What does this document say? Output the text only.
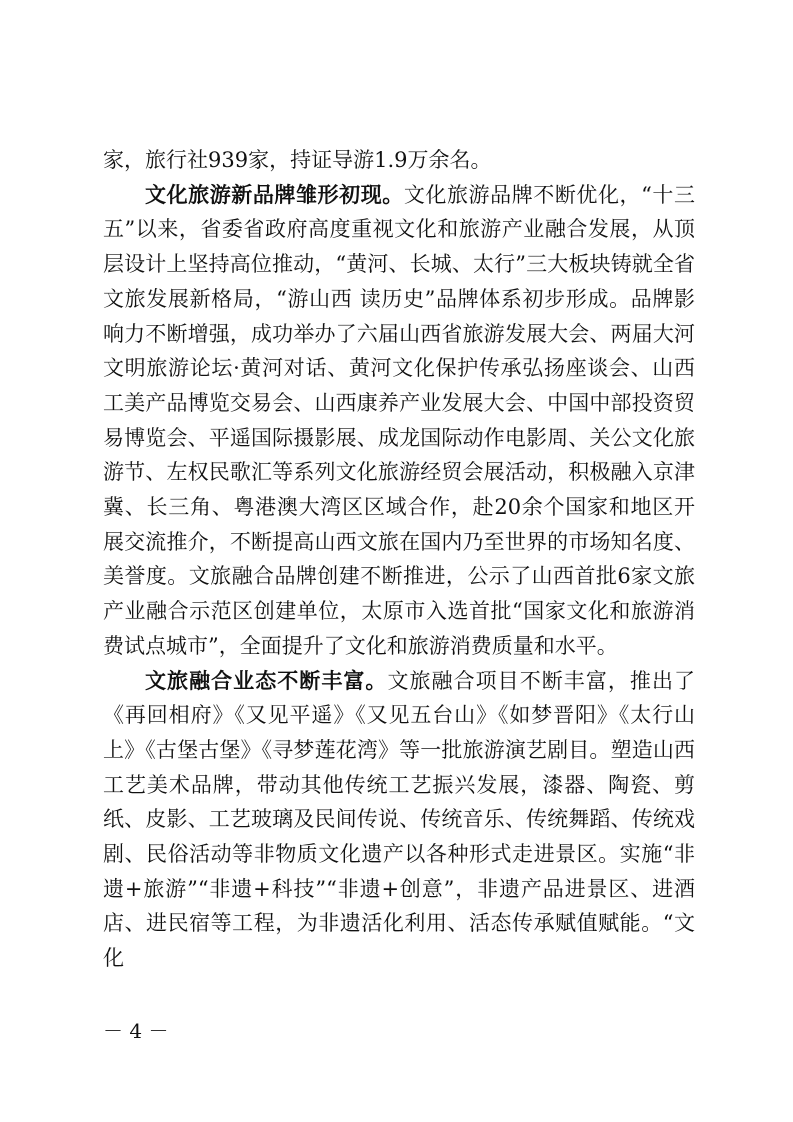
家，旅行社939家，持证导游1.9万余名。

文化旅游新品牌雏形初现。文化旅游品牌不断优化，“十三五”以来，省委省政府高度重视文化和旅游产业融合发展，从顶层设计上坚持高位推动，“黄河、长城、太行”三大板块铸就全省文旅发展新格局，“游山西 读历史”品牌体系初步形成。品牌影响力不断增强，成功举办了六届山西省旅游发展大会、两届大河文明旅游论坛·黄河对话、黄河文化保护传承弘扬座谈会、山西工美产品博览交易会、山西康养产业发展大会、中国中部投资贸易博览会、平遥国际摄影展、成龙国际动作电影周、关公文化旅游节、左权民歌汇等系列文化旅游经贸会展活动，积极融入京津冀、长三角、粤港澳大湾区区域合作，赴20余个国家和地区开展交流推介，不断提高山西文旅在国内乃至世界的市场知名度、美誉度。文旅融合品牌创建不断推进，公示了山西首批6家文旅产业融合示范区创建单位，太原市入选首批“国家文化和旅游消费试点城市”，全面提升了文化和旅游消费质量和水平。

文旅融合业态不断丰富。文旅融合项目不断丰富，推出了《再回相府》《又见平遥》《又见五台山》《如梦晋阳》《太行山上》《古堡古堡》《寻梦莲花湾》等一批旅游演艺剧目。塑造山西工艺美术品牌，带动其他传统工艺振兴发展，漆器、陶瓷、剪纸、皮影、工艺玻璃及民间传说、传统音乐、传统舞蹈、传统戏剧、民俗活动等非物质文化遗产以各种形式走进景区。实施“非遗+旅游”“非遗+科技”“非遗+创意”，非遗产品进景区、进酒店、进民宿等工程，为非遗活化利用、活态传承赋值赋能。“文化

－ 4 －
